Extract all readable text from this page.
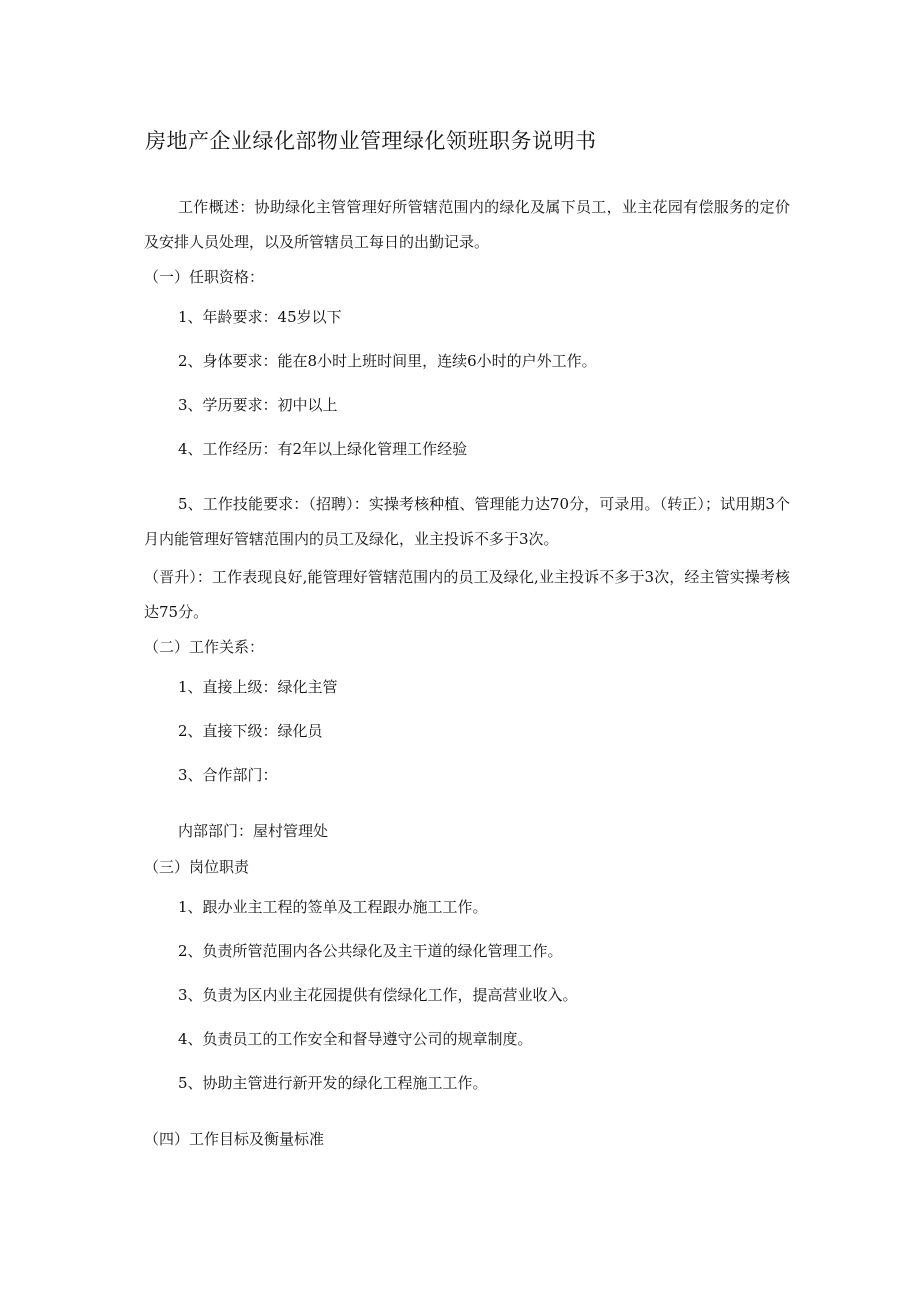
房地产企业绿化部物业管理绿化领班职务说明书

工作概述：协助绿化主管管理好所管辖范围内的绿化及属下员工，业主花园有偿服务的定价及安排人员处理，以及所管辖员工每日的出勤记录。

（一）任职资格：

1、年龄要求：45岁以下

2、身体要求：能在8小时上班时间里，连续6小时的户外工作。

3、学历要求：初中以上

4、工作经历：有2年以上绿化管理工作经验

5、工作技能要求：（招聘）：实操考核种植、管理能力达70分，可录用。（转正）；试用期3个月内能管理好管辖范围内的员工及绿化，业主投诉不多于3次。

（晋升）：工作表现良好,能管理好管辖范围内的员工及绿化,业主投诉不多于3次，经主管实操考核达75分。

（二）工作关系：

1、直接上级：绿化主管

2、直接下级：绿化员

3、合作部门：

内部部门：屋村管理处

（三）岗位职责

1、跟办业主工程的签单及工程跟办施工工作。

2、负责所管范围内各公共绿化及主干道的绿化管理工作。

3、负责为区内业主花园提供有偿绿化工作，提高营业收入。

4、负责员工的工作安全和督导遵守公司的规章制度。

5、协助主管进行新开发的绿化工程施工工作。

（四）工作目标及衡量标准
